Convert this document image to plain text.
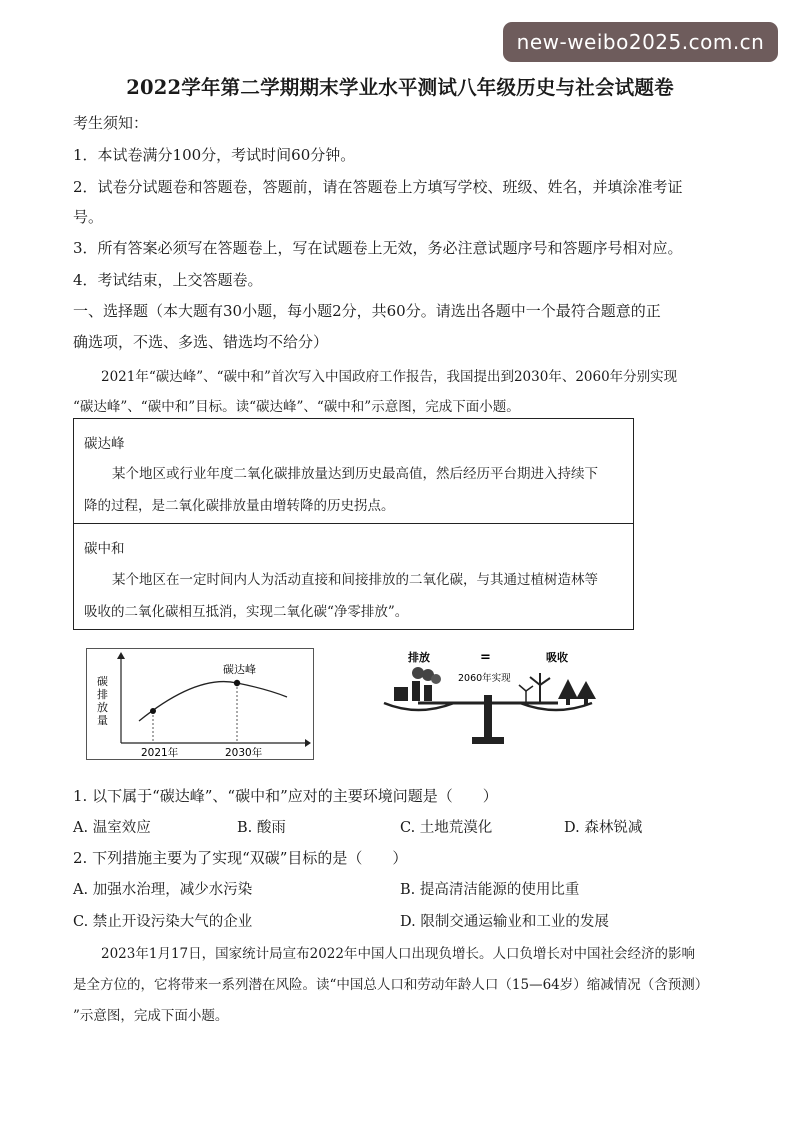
new-weibo2025.com.cn
2022学年第二学期期末学业水平测试八年级历史与社会试题卷
考生须知：
1．本试卷满分100分，考试时间60分钟。
2．试卷分试题卷和答题卷，答题前，请在答题卷上方填写学校、班级、姓名，并填涂准考证
号。
3．所有答案必须写在答题卷上，写在试题卷上无效，务必注意试题序号和答题序号相对应。
4．考试结束，上交答题卷。
一、选择题（本大题有30小题，每小题2分，共60分。请选出各题中一个最符合题意的正
确选项，不选、多选、错选均不给分）
2021年“碳达峰”、“碳中和”首次写入中国政府工作报告，我国提出到2030年、2060年分别实现
“碳达峰”、“碳中和”目标。读“碳达峰”、“碳中和”示意图，完成下面小题。
碳达峰
某个地区或行业年度二氧化碳排放量达到历史最高值，然后经历平台期进入持续下
降的过程，是二氧化碳排放量由增转降的历史拐点。
碳中和
某个地区在一定时间内人为活动直接和间接排放的二氧化碳，与其通过植树造林等
吸收的二氧化碳相互抵消，实现二氧化碳“净零排放”。
碳排放量
碳达峰
2021年	2030年
排放	=	吸收
2060年实现
1. 以下属于“碳达峰”、“碳中和”应对的主要环境问题是（　　）
A. 温室效应	B. 酸雨	C. 土地荒漠化	D. 森林锐减
2. 下列措施主要为了实现“双碳”目标的是（　　）
A. 加强水治理，减少水污染	B. 提高清洁能源的使用比重
C. 禁止开设污染大气的企业	D. 限制交通运输业和工业的发展
2023年1月17日，国家统计局宣布2022年中国人口出现负增长。人口负增长对中国社会经济的影响
是全方位的，它将带来一系列潜在风险。读“中国总人口和劳动年龄人口（15—64岁）缩减情况（含预测）
”示意图，完成下面小题。
